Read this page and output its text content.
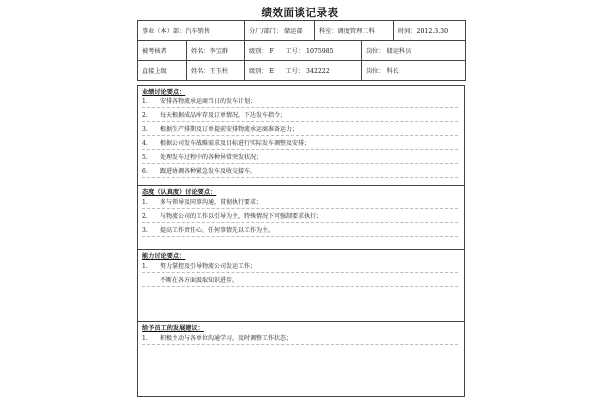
绩效面谈记录表
事业（本）部：汽车销售		分厂/部门： 储运部		科室：调度管理二科		时间：2012.3.30
被考核者	姓名：李宝群	级别： F	工号： 1075985		岗位： 储运科员	
直接上级	姓名：王玉柱	级别： E	工号： 342222		岗位： 科长	
业绩讨论要点：
1. 安排各物流承运商当日的发车计划；
2. 每天根据成品库存及订单情况，下达发车指令；
3. 根据生产排期及订单提前安排物流承运商准备运力；
4. 根据公司发车战略需求及目标进行实际发车调整及安排；
5. 处理发车过程中的各种异常突发状况；
6. 跟进协调各种紧急发车及收交接车。
态度（认真度）讨论要点：
1. 多与领导及同事沟通，贯彻执行要求；
2. 与物流公司的工作以引导为主，特殊情况下可强制要求执行；
3. 提高工作责任心，任何事情先以工作为主。
能力讨论要点：
1. 努力掌控及引导物流公司发运工作；
不断在各方面汲取知识进步。
给予员工的发展建议：
1. 积极主动与各单位沟通学习，及时调整工作状态；
